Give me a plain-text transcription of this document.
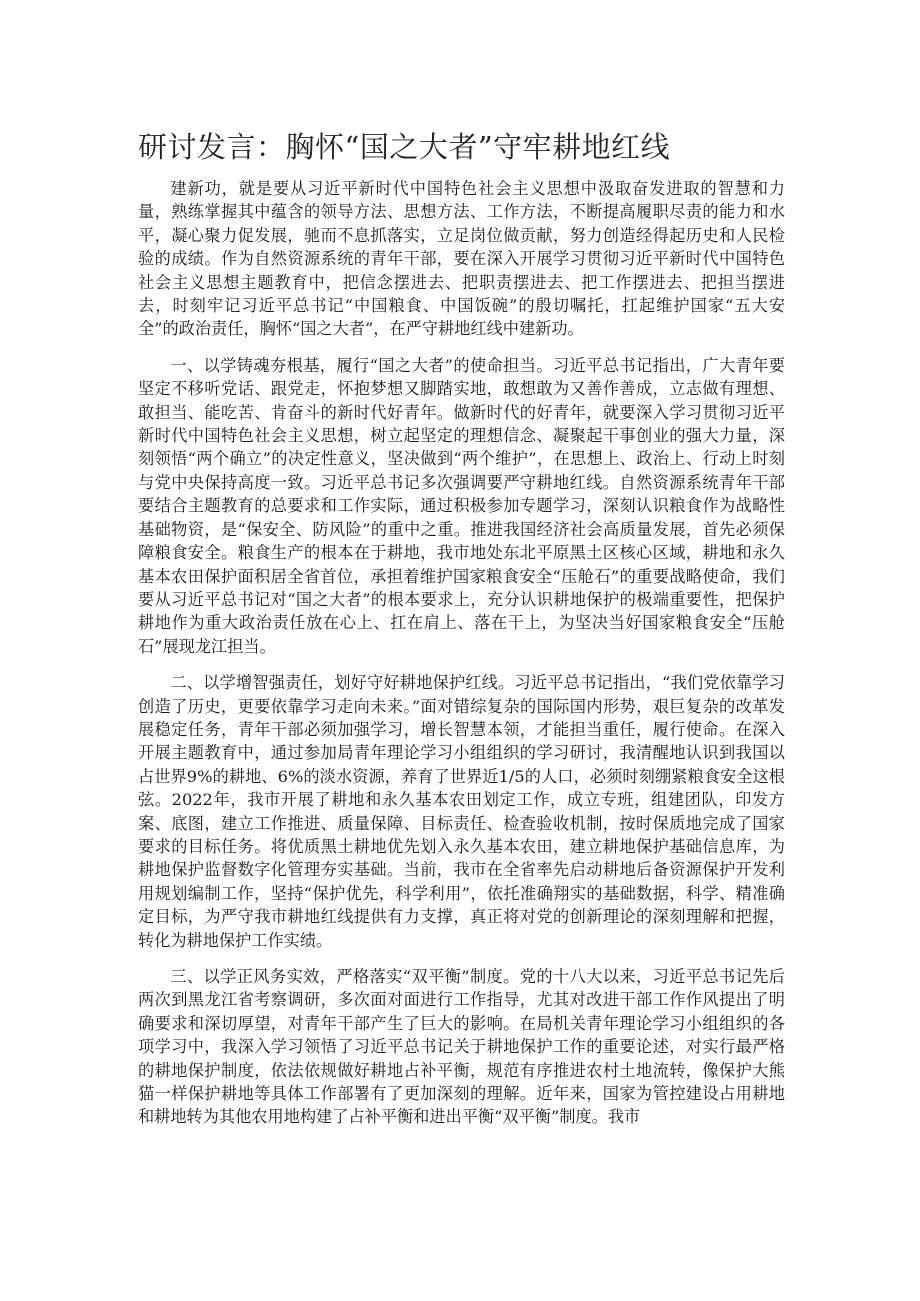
研讨发言：胸怀“国之大者”守牢耕地红线

建新功，就是要从习近平新时代中国特色社会主义思想中汲取奋发进取的智慧和力量，熟练掌握其中蕴含的领导方法、思想方法、工作方法，不断提高履职尽责的能力和水平，凝心聚力促发展，驰而不息抓落实，立足岗位做贡献，努力创造经得起历史和人民检验的成绩。作为自然资源系统的青年干部，要在深入开展学习贯彻习近平新时代中国特色社会主义思想主题教育中，把信念摆进去、把职责摆进去、把工作摆进去、把担当摆进去，时刻牢记习近平总书记“中国粮食、中国饭碗”的殷切嘱托，扛起维护国家“五大安全”的政治责任，胸怀“国之大者”，在严守耕地红线中建新功。

一、以学铸魂夯根基，履行“国之大者”的使命担当。习近平总书记指出，广大青年要坚定不移听党话、跟党走，怀抱梦想又脚踏实地，敢想敢为又善作善成，立志做有理想、敢担当、能吃苦、肯奋斗的新时代好青年。做新时代的好青年，就要深入学习贯彻习近平新时代中国特色社会主义思想，树立起坚定的理想信念、凝聚起干事创业的强大力量，深刻领悟“两个确立”的决定性意义，坚决做到“两个维护”，在思想上、政治上、行动上时刻与党中央保持高度一致。习近平总书记多次强调要严守耕地红线。自然资源系统青年干部要结合主题教育的总要求和工作实际，通过积极参加专题学习，深刻认识粮食作为战略性基础物资，是“保安全、防风险”的重中之重。推进我国经济社会高质量发展，首先必须保障粮食安全。粮食生产的根本在于耕地，我市地处东北平原黑土区核心区域，耕地和永久基本农田保护面积居全省首位，承担着维护国家粮食安全“压舱石”的重要战略使命，我们要从习近平总书记对“国之大者”的根本要求上，充分认识耕地保护的极端重要性，把保护耕地作为重大政治责任放在心上、扛在肩上、落在干上，为坚决当好国家粮食安全“压舱石”展现龙江担当。

二、以学增智强责任，划好守好耕地保护红线。习近平总书记指出，“我们党依靠学习创造了历史，更要依靠学习走向未来。”面对错综复杂的国际国内形势，艰巨复杂的改革发展稳定任务，青年干部必须加强学习，增长智慧本领，才能担当重任，履行使命。在深入开展主题教育中，通过参加局青年理论学习小组组织的学习研讨，我清醒地认识到我国以占世界9%的耕地、6%的淡水资源，养育了世界近1/5的人口，必须时刻绷紧粮食安全这根弦。2022年，我市开展了耕地和永久基本农田划定工作，成立专班，组建团队，印发方案、底图，建立工作推进、质量保障、目标责任、检查验收机制，按时保质地完成了国家要求的目标任务。将优质黑土耕地优先划入永久基本农田，建立耕地保护基础信息库，为耕地保护监督数字化管理夯实基础。当前，我市在全省率先启动耕地后备资源保护开发利用规划编制工作，坚持“保护优先，科学利用”，依托准确翔实的基础数据，科学、精准确定目标，为严守我市耕地红线提供有力支撑，真正将对党的创新理论的深刻理解和把握，转化为耕地保护工作实绩。

三、以学正风务实效，严格落实“双平衡”制度。党的十八大以来，习近平总书记先后两次到黑龙江省考察调研，多次面对面进行工作指导，尤其对改进干部工作作风提出了明确要求和深切厚望，对青年干部产生了巨大的影响。在局机关青年理论学习小组组织的各项学习中，我深入学习领悟了习近平总书记关于耕地保护工作的重要论述，对实行最严格的耕地保护制度，依法依规做好耕地占补平衡，规范有序推进农村土地流转，像保护大熊猫一样保护耕地等具体工作部署有了更加深刻的理解。近年来，国家为管控建设占用耕地和耕地转为其他农用地构建了占补平衡和进出平衡“双平衡”制度。我市
